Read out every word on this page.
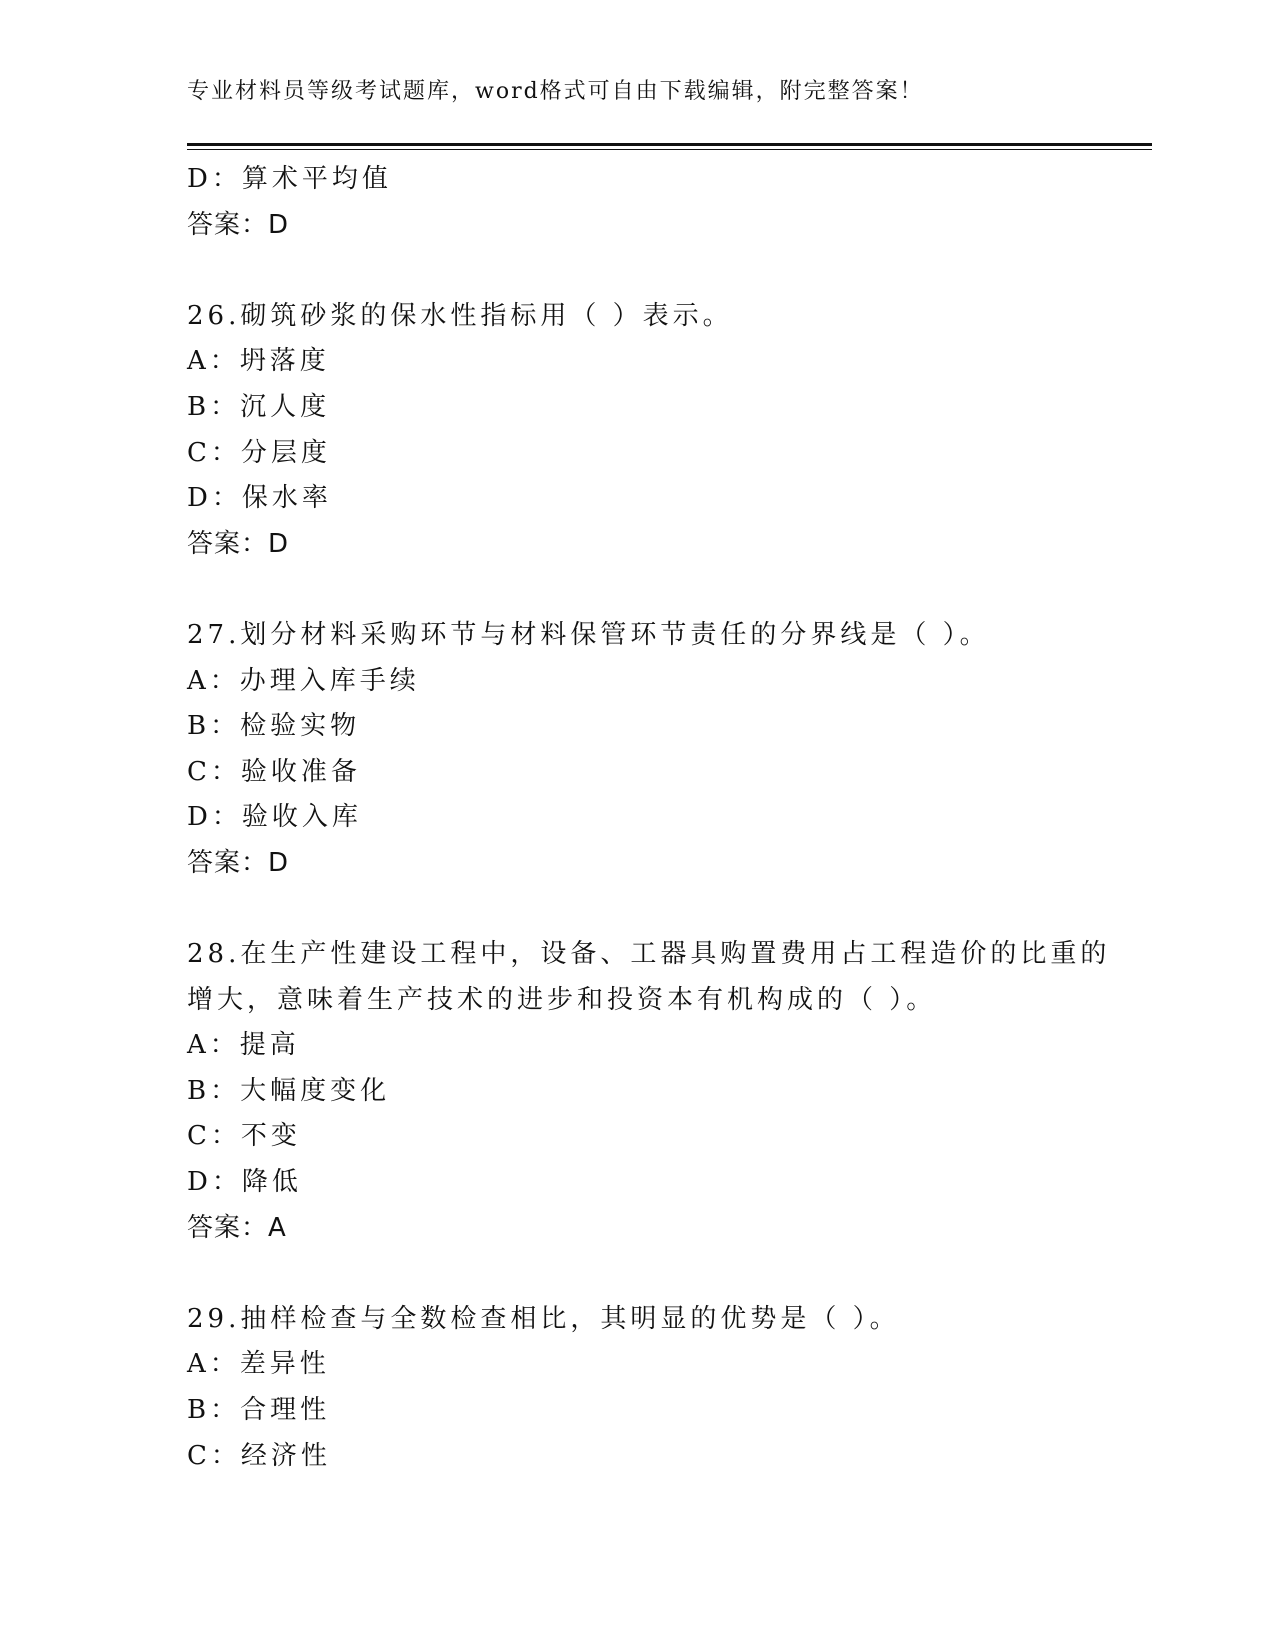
专业材料员等级考试题库，word格式可自由下载编辑，附完整答案！
D：算术平均值
答案：D
26.砌筑砂浆的保水性指标用（ ）表示。
A：坍落度
B：沉人度
C：分层度
D：保水率
答案：D
27.划分材料采购环节与材料保管环节责任的分界线是（ ）。
A：办理入库手续
B：检验实物
C：验收准备
D：验收入库
答案：D
28.在生产性建设工程中，设备、工器具购置费用占工程造价的比重的
增大，意味着生产技术的进步和投资本有机构成的（ ）。
A：提高
B：大幅度变化
C：不变
D：降低
答案：A
29.抽样检查与全数检查相比，其明显的优势是（ ）。
A：差异性
B：合理性
C：经济性
